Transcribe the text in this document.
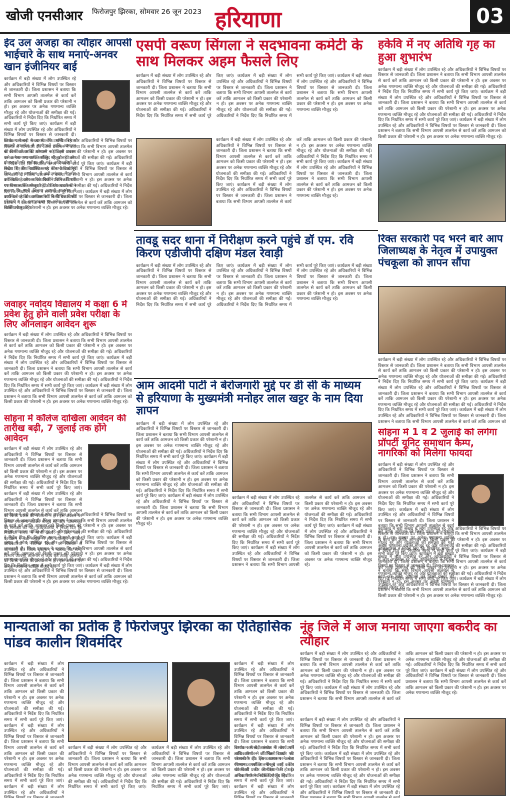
खोजी एनसीआर फिरोजपुर झिरका, सोमवार 26 जून 2023 हरियाणा	03
ईद उल अजहा का त्यौहार आपसी भाईचारे के साथ मनाएं-अनवर खान इंजीनियर बाई
कार्यक्रम में बड़ी संख्या में लोग उपस्थित रहे और अधिकारियों ने विभिन्न विषयों पर विस्तार से जानकारी दी। जिला प्रशासन ने बताया कि सभी विभाग आपसी तालमेल से कार्य करें ताकि आमजन को किसी प्रकार की परेशानी न हो। इस अवसर पर अनेक गणमान्य व्यक्ति मौजूद रहे और योजनाओं की समीक्षा की गई। अधिकारियों ने निर्देश दिए कि निर्धारित समय में सभी कार्य पूरे किए जाएं। कार्यक्रम में बड़ी संख्या में लोग उपस्थित रहे और अधिकारियों ने विभिन्न विषयों पर विस्तार से जानकारी दी। जिला प्रशासन ने बताया कि सभी विभाग आपसी तालमेल से कार्य करें ताकि आमजन को किसी प्रकार की परेशानी न हो। इस अवसर पर अनेक गणमान्य व्यक्ति मौजूद रहे और योजनाओं की समीक्षा की गई। अधिकारियों ने निर्देश दिए कि निर्धारित समय में सभी कार्य पूरे किए जाएं। कार्यक्रम में बड़ी संख्या में लोग उपस्थित रहे और अधिकारियों ने विभिन्न विषयों पर विस्तार से जानकारी दी। जिला प्रशासन ने बताया कि सभी विभाग आपसी तालमेल से कार्य करें ताकि आमजन को किसी प्रकार की परेशानी न हो। इस अवसर पर अनेक गणमान्य व्यक्ति मौजूद रहे।
कार्यक्रम में बड़ी संख्या में लोग उपस्थित रहे और अधिकारियों ने विभिन्न विषयों पर विस्तार से जानकारी दी। जिला प्रशासन ने बताया कि सभी विभाग आपसी तालमेल से कार्य करें ताकि आमजन को किसी प्रकार की परेशानी न हो। इस अवसर पर अनेक गणमान्य व्यक्ति मौजूद रहे और योजनाओं की समीक्षा की गई। अधिकारियों ने निर्देश दिए कि निर्धारित समय में सभी कार्य पूरे किए जाएं। कार्यक्रम में बड़ी संख्या में लोग उपस्थित रहे और अधिकारियों ने विभिन्न विषयों पर विस्तार से जानकारी दी। जिला प्रशासन ने बताया कि सभी विभाग आपसी तालमेल से कार्य करें ताकि आमजन को किसी प्रकार की परेशानी न हो। इस अवसर पर अनेक गणमान्य व्यक्ति मौजूद रहे और योजनाओं की समीक्षा की गई। अधिकारियों ने निर्देश दिए कि निर्धारित समय में सभी कार्य पूरे किए जाएं। कार्यक्रम में बड़ी संख्या में लोग उपस्थित रहे और अधिकारियों ने विभिन्न विषयों पर विस्तार से जानकारी दी। जिला प्रशासन ने बताया कि सभी विभाग आपसी तालमेल से कार्य करें ताकि आमजन को किसी प्रकार की परेशानी न हो। इस अवसर पर अनेक गणमान्य व्यक्ति मौजूद रहे।
एसपी वरूण सिंगला ने सदभावना कमेटी के साथ मिलकर अहम फैसले लिए
कार्यक्रम में बड़ी संख्या में लोग उपस्थित रहे और अधिकारियों ने विभिन्न विषयों पर विस्तार से जानकारी दी। जिला प्रशासन ने बताया कि सभी विभाग आपसी तालमेल से कार्य करें ताकि आमजन को किसी प्रकार की परेशानी न हो। इस अवसर पर अनेक गणमान्य व्यक्ति मौजूद रहे और योजनाओं की समीक्षा की गई। अधिकारियों ने निर्देश दिए कि निर्धारित समय में सभी कार्य पूरे किए जाएं। कार्यक्रम में बड़ी संख्या में लोग उपस्थित रहे और अधिकारियों ने विभिन्न विषयों पर विस्तार से जानकारी दी। जिला प्रशासन ने बताया कि सभी विभाग आपसी तालमेल से कार्य करें ताकि आमजन को किसी प्रकार की परेशानी न हो। इस अवसर पर अनेक गणमान्य व्यक्ति मौजूद रहे और योजनाओं की समीक्षा की गई। अधिकारियों ने निर्देश दिए कि निर्धारित समय में सभी कार्य पूरे किए जाएं। कार्यक्रम में बड़ी संख्या में लोग उपस्थित रहे और अधिकारियों ने विभिन्न विषयों पर विस्तार से जानकारी दी। जिला प्रशासन ने बताया कि सभी विभाग आपसी तालमेल से कार्य करें ताकि आमजन को किसी प्रकार की परेशानी न हो। इस अवसर पर अनेक गणमान्य व्यक्ति मौजूद रहे।
कार्यक्रम में बड़ी संख्या में लोग उपस्थित रहे और अधिकारियों ने विभिन्न विषयों पर विस्तार से जानकारी दी। जिला प्रशासन ने बताया कि सभी विभाग आपसी तालमेल से कार्य करें ताकि आमजन को किसी प्रकार की परेशानी न हो। इस अवसर पर अनेक गणमान्य व्यक्ति मौजूद रहे और योजनाओं की समीक्षा की गई। अधिकारियों ने निर्देश दिए कि निर्धारित समय में सभी कार्य पूरे किए जाएं। कार्यक्रम में बड़ी संख्या में लोग उपस्थित रहे और अधिकारियों ने विभिन्न विषयों पर विस्तार से जानकारी दी। जिला प्रशासन ने बताया कि सभी विभाग आपसी तालमेल से कार्य करें ताकि आमजन को किसी प्रकार की परेशानी न हो। इस अवसर पर अनेक गणमान्य व्यक्ति मौजूद रहे और योजनाओं की समीक्षा की गई। अधिकारियों ने निर्देश दिए कि निर्धारित समय में सभी कार्य पूरे किए जाएं। कार्यक्रम में बड़ी संख्या में लोग उपस्थित रहे और अधिकारियों ने विभिन्न विषयों पर विस्तार से जानकारी दी। जिला प्रशासन ने बताया कि सभी विभाग आपसी तालमेल से कार्य करें ताकि आमजन को किसी प्रकार की परेशानी न हो। इस अवसर पर अनेक गणमान्य व्यक्ति मौजूद रहे।
हकेवि में नए अतिथि गृह का हुआ शुभारंभ
कार्यक्रम में बड़ी संख्या में लोग उपस्थित रहे और अधिकारियों ने विभिन्न विषयों पर विस्तार से जानकारी दी। जिला प्रशासन ने बताया कि सभी विभाग आपसी तालमेल से कार्य करें ताकि आमजन को किसी प्रकार की परेशानी न हो। इस अवसर पर अनेक गणमान्य व्यक्ति मौजूद रहे और योजनाओं की समीक्षा की गई। अधिकारियों ने निर्देश दिए कि निर्धारित समय में सभी कार्य पूरे किए जाएं। कार्यक्रम में बड़ी संख्या में लोग उपस्थित रहे और अधिकारियों ने विभिन्न विषयों पर विस्तार से जानकारी दी। जिला प्रशासन ने बताया कि सभी विभाग आपसी तालमेल से कार्य करें ताकि आमजन को किसी प्रकार की परेशानी न हो। इस अवसर पर अनेक गणमान्य व्यक्ति मौजूद रहे और योजनाओं की समीक्षा की गई। अधिकारियों ने निर्देश दिए कि निर्धारित समय में सभी कार्य पूरे किए जाएं। कार्यक्रम में बड़ी संख्या में लोग उपस्थित रहे और अधिकारियों ने विभिन्न विषयों पर विस्तार से जानकारी दी। जिला प्रशासन ने बताया कि सभी विभाग आपसी तालमेल से कार्य करें ताकि आमजन को किसी प्रकार की परेशानी न हो। इस अवसर पर अनेक गणमान्य व्यक्ति मौजूद रहे।
तावडू सदर थाना में निरीक्षण करने पहुंचे डॉ एम. रवि किरण एडीजीपी दक्षिण मंडल रेवाड़ी
कार्यक्रम में बड़ी संख्या में लोग उपस्थित रहे और अधिकारियों ने विभिन्न विषयों पर विस्तार से जानकारी दी। जिला प्रशासन ने बताया कि सभी विभाग आपसी तालमेल से कार्य करें ताकि आमजन को किसी प्रकार की परेशानी न हो। इस अवसर पर अनेक गणमान्य व्यक्ति मौजूद रहे और योजनाओं की समीक्षा की गई। अधिकारियों ने निर्देश दिए कि निर्धारित समय में सभी कार्य पूरे किए जाएं। कार्यक्रम में बड़ी संख्या में लोग उपस्थित रहे और अधिकारियों ने विभिन्न विषयों पर विस्तार से जानकारी दी। जिला प्रशासन ने बताया कि सभी विभाग आपसी तालमेल से कार्य करें ताकि आमजन को किसी प्रकार की परेशानी न हो। इस अवसर पर अनेक गणमान्य व्यक्ति मौजूद रहे और योजनाओं की समीक्षा की गई। अधिकारियों ने निर्देश दिए कि निर्धारित समय में सभी कार्य पूरे किए जाएं। कार्यक्रम में बड़ी संख्या में लोग उपस्थित रहे और अधिकारियों ने विभिन्न विषयों पर विस्तार से जानकारी दी। जिला प्रशासन ने बताया कि सभी विभाग आपसी तालमेल से कार्य करें ताकि आमजन को किसी प्रकार की परेशानी न हो। इस अवसर पर अनेक गणमान्य व्यक्ति मौजूद रहे।
रिक्त सरकारी पद भरने बारे आप जिलाध्यक्ष के नेतृत्व में उपायुक्त पंचकूला को ज्ञापन सौंपा
कार्यक्रम में बड़ी संख्या में लोग उपस्थित रहे और अधिकारियों ने विभिन्न विषयों पर विस्तार से जानकारी दी। जिला प्रशासन ने बताया कि सभी विभाग आपसी तालमेल से कार्य करें ताकि आमजन को किसी प्रकार की परेशानी न हो। इस अवसर पर अनेक गणमान्य व्यक्ति मौजूद रहे और योजनाओं की समीक्षा की गई। अधिकारियों ने निर्देश दिए कि निर्धारित समय में सभी कार्य पूरे किए जाएं। कार्यक्रम में बड़ी संख्या में लोग उपस्थित रहे और अधिकारियों ने विभिन्न विषयों पर विस्तार से जानकारी दी। जिला प्रशासन ने बताया कि सभी विभाग आपसी तालमेल से कार्य करें ताकि आमजन को किसी प्रकार की परेशानी न हो। इस अवसर पर अनेक गणमान्य व्यक्ति मौजूद रहे और योजनाओं की समीक्षा की गई। अधिकारियों ने निर्देश दिए कि निर्धारित समय में सभी कार्य पूरे किए जाएं। कार्यक्रम में बड़ी संख्या में लोग उपस्थित रहे और अधिकारियों ने विभिन्न विषयों पर विस्तार से जानकारी दी। जिला प्रशासन ने बताया कि सभी विभाग आपसी तालमेल से कार्य करें ताकि आमजन को किसी प्रकार की परेशानी न हो। इस अवसर पर अनेक गणमान्य व्यक्ति मौजूद रहे।
जवाहर नवोदय विद्यालय में कक्षा 6 में प्रवेश हेतु होने वाली प्रवेश परीक्षा के लिए ऑनलाइन आवेदन शुरू
कार्यक्रम में बड़ी संख्या में लोग उपस्थित रहे और अधिकारियों ने विभिन्न विषयों पर विस्तार से जानकारी दी। जिला प्रशासन ने बताया कि सभी विभाग आपसी तालमेल से कार्य करें ताकि आमजन को किसी प्रकार की परेशानी न हो। इस अवसर पर अनेक गणमान्य व्यक्ति मौजूद रहे और योजनाओं की समीक्षा की गई। अधिकारियों ने निर्देश दिए कि निर्धारित समय में सभी कार्य पूरे किए जाएं। कार्यक्रम में बड़ी संख्या में लोग उपस्थित रहे और अधिकारियों ने विभिन्न विषयों पर विस्तार से जानकारी दी। जिला प्रशासन ने बताया कि सभी विभाग आपसी तालमेल से कार्य करें ताकि आमजन को किसी प्रकार की परेशानी न हो। इस अवसर पर अनेक गणमान्य व्यक्ति मौजूद रहे और योजनाओं की समीक्षा की गई। अधिकारियों ने निर्देश दिए कि निर्धारित समय में सभी कार्य पूरे किए जाएं। कार्यक्रम में बड़ी संख्या में लोग उपस्थित रहे और अधिकारियों ने विभिन्न विषयों पर विस्तार से जानकारी दी। जिला प्रशासन ने बताया कि सभी विभाग आपसी तालमेल से कार्य करें ताकि आमजन को किसी प्रकार की परेशानी न हो। इस अवसर पर अनेक गणमान्य व्यक्ति मौजूद रहे।
आम आदमी पार्टी ने बेरोजगारी मुद्दे पर डी सी के माध्यम से हरियाणा के मुख्यमंत्री मनोहर लाल खट्टर के नाम दिया ज्ञापन
कार्यक्रम में बड़ी संख्या में लोग उपस्थित रहे और अधिकारियों ने विभिन्न विषयों पर विस्तार से जानकारी दी। जिला प्रशासन ने बताया कि सभी विभाग आपसी तालमेल से कार्य करें ताकि आमजन को किसी प्रकार की परेशानी न हो। इस अवसर पर अनेक गणमान्य व्यक्ति मौजूद रहे और योजनाओं की समीक्षा की गई। अधिकारियों ने निर्देश दिए कि निर्धारित समय में सभी कार्य पूरे किए जाएं। कार्यक्रम में बड़ी संख्या में लोग उपस्थित रहे और अधिकारियों ने विभिन्न विषयों पर विस्तार से जानकारी दी। जिला प्रशासन ने बताया कि सभी विभाग आपसी तालमेल से कार्य करें ताकि आमजन को किसी प्रकार की परेशानी न हो। इस अवसर पर अनेक गणमान्य व्यक्ति मौजूद रहे और योजनाओं की समीक्षा की गई। अधिकारियों ने निर्देश दिए कि निर्धारित समय में सभी कार्य पूरे किए जाएं। कार्यक्रम में बड़ी संख्या में लोग उपस्थित रहे और अधिकारियों ने विभिन्न विषयों पर विस्तार से जानकारी दी। जिला प्रशासन ने बताया कि सभी विभाग आपसी तालमेल से कार्य करें ताकि आमजन को किसी प्रकार की परेशानी न हो। इस अवसर पर अनेक गणमान्य व्यक्ति मौजूद रहे।
कार्यक्रम में बड़ी संख्या में लोग उपस्थित रहे और अधिकारियों ने विभिन्न विषयों पर विस्तार से जानकारी दी। जिला प्रशासन ने बताया कि सभी विभाग आपसी तालमेल से कार्य करें ताकि आमजन को किसी प्रकार की परेशानी न हो। इस अवसर पर अनेक गणमान्य व्यक्ति मौजूद रहे और योजनाओं की समीक्षा की गई। अधिकारियों ने निर्देश दिए कि निर्धारित समय में सभी कार्य पूरे किए जाएं। कार्यक्रम में बड़ी संख्या में लोग उपस्थित रहे और अधिकारियों ने विभिन्न विषयों पर विस्तार से जानकारी दी। जिला प्रशासन ने बताया कि सभी विभाग आपसी तालमेल से कार्य करें ताकि आमजन को किसी प्रकार की परेशानी न हो। इस अवसर पर अनेक गणमान्य व्यक्ति मौजूद रहे और योजनाओं की समीक्षा की गई। अधिकारियों ने निर्देश दिए कि निर्धारित समय में सभी कार्य पूरे किए जाएं। कार्यक्रम में बड़ी संख्या में लोग उपस्थित रहे और अधिकारियों ने विभिन्न विषयों पर विस्तार से जानकारी दी। जिला प्रशासन ने बताया कि सभी विभाग आपसी तालमेल से कार्य करें ताकि आमजन को किसी प्रकार की परेशानी न हो। इस अवसर पर अनेक गणमान्य व्यक्ति मौजूद रहे।
सोहना में कॉलेज दाखिला आवेदन की तारीख बढ़ी, 7 जुलाई तक होंगे आवेदन
कार्यक्रम में बड़ी संख्या में लोग उपस्थित रहे और अधिकारियों ने विभिन्न विषयों पर विस्तार से जानकारी दी। जिला प्रशासन ने बताया कि सभी विभाग आपसी तालमेल से कार्य करें ताकि आमजन को किसी प्रकार की परेशानी न हो। इस अवसर पर अनेक गणमान्य व्यक्ति मौजूद रहे और योजनाओं की समीक्षा की गई। अधिकारियों ने निर्देश दिए कि निर्धारित समय में सभी कार्य पूरे किए जाएं। कार्यक्रम में बड़ी संख्या में लोग उपस्थित रहे और अधिकारियों ने विभिन्न विषयों पर विस्तार से जानकारी दी। जिला प्रशासन ने बताया कि सभी विभाग आपसी तालमेल से कार्य करें ताकि आमजन को किसी प्रकार की परेशानी न हो। इस अवसर पर अनेक गणमान्य व्यक्ति मौजूद रहे और योजनाओं की समीक्षा की गई। अधिकारियों ने निर्देश दिए कि निर्धारित समय में सभी कार्य पूरे किए जाएं। कार्यक्रम में बड़ी संख्या में लोग उपस्थित रहे और अधिकारियों ने विभिन्न विषयों पर विस्तार से जानकारी दी। जिला प्रशासन ने बताया कि सभी विभाग आपसी तालमेल से कार्य करें ताकि आमजन को किसी प्रकार की परेशानी न हो। इस अवसर पर अनेक गणमान्य व्यक्ति मौजूद रहे।
कार्यक्रम में बड़ी संख्या में लोग उपस्थित रहे और अधिकारियों ने विभिन्न विषयों पर विस्तार से जानकारी दी। जिला प्रशासन ने बताया कि सभी विभाग आपसी तालमेल से कार्य करें ताकि आमजन को किसी प्रकार की परेशानी न हो। इस अवसर पर अनेक गणमान्य व्यक्ति मौजूद रहे और योजनाओं की समीक्षा की गई। अधिकारियों ने निर्देश दिए कि निर्धारित समय में सभी कार्य पूरे किए जाएं। कार्यक्रम में बड़ी संख्या में लोग उपस्थित रहे और अधिकारियों ने विभिन्न विषयों पर विस्तार से जानकारी दी। जिला प्रशासन ने बताया कि सभी विभाग आपसी तालमेल से कार्य करें ताकि आमजन को किसी प्रकार की परेशानी न हो। इस अवसर पर अनेक गणमान्य व्यक्ति मौजूद रहे और योजनाओं की समीक्षा की गई। अधिकारियों ने निर्देश दिए कि निर्धारित समय में सभी कार्य पूरे किए जाएं। कार्यक्रम में बड़ी संख्या में लोग उपस्थित रहे और अधिकारियों ने विभिन्न विषयों पर विस्तार से जानकारी दी। जिला प्रशासन ने बताया कि सभी विभाग आपसी तालमेल से कार्य करें ताकि आमजन को किसी प्रकार की परेशानी न हो। इस अवसर पर अनेक गणमान्य व्यक्ति मौजूद रहे।
सोहना में 1 व 2 जुलाई को लगेगा प्रॉपर्टी यूनिट समाधान कैम्प, नागरिकों को मिलेगा फायदा
कार्यक्रम में बड़ी संख्या में लोग उपस्थित रहे और अधिकारियों ने विभिन्न विषयों पर विस्तार से जानकारी दी। जिला प्रशासन ने बताया कि सभी विभाग आपसी तालमेल से कार्य करें ताकि आमजन को किसी प्रकार की परेशानी न हो। इस अवसर पर अनेक गणमान्य व्यक्ति मौजूद रहे और योजनाओं की समीक्षा की गई। अधिकारियों ने निर्देश दिए कि निर्धारित समय में सभी कार्य पूरे किए जाएं। कार्यक्रम में बड़ी संख्या में लोग उपस्थित रहे और अधिकारियों ने विभिन्न विषयों पर विस्तार से जानकारी दी। जिला प्रशासन ने बताया कि सभी विभाग आपसी तालमेल से कार्य करें ताकि आमजन को किसी प्रकार की परेशानी न हो। इस अवसर पर अनेक गणमान्य व्यक्ति मौजूद रहे और योजनाओं की समीक्षा की गई। अधिकारियों ने निर्देश दिए कि निर्धारित समय में सभी कार्य पूरे किए जाएं। कार्यक्रम में बड़ी संख्या में लोग उपस्थित रहे और अधिकारियों ने विभिन्न विषयों पर विस्तार से जानकारी दी। जिला प्रशासन ने बताया कि सभी विभाग आपसी तालमेल से कार्य करें ताकि आमजन को किसी प्रकार की परेशानी न हो। इस अवसर पर अनेक गणमान्य व्यक्ति मौजूद रहे।
कार्यक्रम में बड़ी संख्या में लोग उपस्थित रहे और अधिकारियों ने विभिन्न विषयों पर विस्तार से जानकारी दी। जिला प्रशासन ने बताया कि सभी विभाग आपसी तालमेल से कार्य करें ताकि आमजन को किसी प्रकार की परेशानी न हो। इस अवसर पर अनेक गणमान्य व्यक्ति मौजूद रहे और योजनाओं की समीक्षा की गई। अधिकारियों ने निर्देश दिए कि निर्धारित समय में सभी कार्य पूरे किए जाएं। कार्यक्रम में बड़ी संख्या में लोग उपस्थित रहे और अधिकारियों ने विभिन्न विषयों पर विस्तार से जानकारी दी। जिला प्रशासन ने बताया कि सभी विभाग आपसी तालमेल से कार्य करें ताकि आमजन को किसी प्रकार की परेशानी न हो। इस अवसर पर अनेक गणमान्य व्यक्ति मौजूद रहे और योजनाओं की समीक्षा की गई। अधिकारियों ने निर्देश दिए कि निर्धारित समय में सभी कार्य पूरे किए जाएं। कार्यक्रम में बड़ी संख्या में लोग उपस्थित रहे और अधिकारियों ने विभिन्न विषयों पर विस्तार से जानकारी दी। जिला प्रशासन ने बताया कि सभी विभाग आपसी तालमेल से कार्य करें ताकि आमजन को किसी प्रकार की परेशानी न हो। इस अवसर पर अनेक गणमान्य व्यक्ति मौजूद रहे।
मान्यताओं का प्रतीक है फिरोजपुर झिरका का ऐतिहासिक पांडव कालीन शिवमंदिर
कार्यक्रम में बड़ी संख्या में लोग उपस्थित रहे और अधिकारियों ने विभिन्न विषयों पर विस्तार से जानकारी दी। जिला प्रशासन ने बताया कि सभी विभाग आपसी तालमेल से कार्य करें ताकि आमजन को किसी प्रकार की परेशानी न हो। इस अवसर पर अनेक गणमान्य व्यक्ति मौजूद रहे और योजनाओं की समीक्षा की गई। अधिकारियों ने निर्देश दिए कि निर्धारित समय में सभी कार्य पूरे किए जाएं। कार्यक्रम में बड़ी संख्या में लोग उपस्थित रहे और अधिकारियों ने विभिन्न विषयों पर विस्तार से जानकारी दी। जिला प्रशासन ने बताया कि सभी विभाग आपसी तालमेल से कार्य करें ताकि आमजन को किसी प्रकार की परेशानी न हो। इस अवसर पर अनेक गणमान्य व्यक्ति मौजूद रहे और योजनाओं की समीक्षा की गई। अधिकारियों ने निर्देश दिए कि निर्धारित समय में सभी कार्य पूरे किए जाएं। कार्यक्रम में बड़ी संख्या में लोग उपस्थित रहे और अधिकारियों ने विभिन्न विषयों पर विस्तार से जानकारी दी। जिला प्रशासन ने बताया कि सभी विभाग आपसी तालमेल से कार्य करें ताकि आमजन को किसी प्रकार की परेशानी न हो। इस अवसर पर अनेक गणमान्य व्यक्ति मौजूद रहे।
कार्यक्रम में बड़ी संख्या में लोग उपस्थित रहे और अधिकारियों ने विभिन्न विषयों पर विस्तार से जानकारी दी। जिला प्रशासन ने बताया कि सभी विभाग आपसी तालमेल से कार्य करें ताकि आमजन को किसी प्रकार की परेशानी न हो। इस अवसर पर अनेक गणमान्य व्यक्ति मौजूद रहे और योजनाओं की समीक्षा की गई। अधिकारियों ने निर्देश दिए कि निर्धारित समय में सभी कार्य पूरे किए जाएं। कार्यक्रम में बड़ी संख्या में लोग उपस्थित रहे और अधिकारियों ने विभिन्न विषयों पर विस्तार से जानकारी दी। जिला प्रशासन ने बताया कि सभी विभाग आपसी तालमेल से कार्य करें ताकि आमजन को किसी प्रकार की परेशानी न हो। इस अवसर पर अनेक गणमान्य व्यक्ति मौजूद रहे और योजनाओं की समीक्षा की गई। अधिकारियों ने निर्देश दिए कि निर्धारित समय में सभी कार्य पूरे किए जाएं। कार्यक्रम में बड़ी संख्या में लोग उपस्थित रहे और अधिकारियों ने विभिन्न विषयों पर विस्तार से जानकारी दी। जिला प्रशासन ने बताया कि सभी विभाग आपसी तालमेल से कार्य करें ताकि आमजन को किसी प्रकार की परेशानी न हो। इस अवसर पर अनेक गणमान्य व्यक्ति मौजूद रहे।
कार्यक्रम में बड़ी संख्या में लोग उपस्थित रहे और अधिकारियों ने विभिन्न विषयों पर विस्तार से जानकारी दी। जिला प्रशासन ने बताया कि सभी विभाग आपसी तालमेल से कार्य करें ताकि आमजन को किसी प्रकार की परेशानी न हो। इस अवसर पर अनेक गणमान्य व्यक्ति मौजूद रहे और योजनाओं की समीक्षा की गई। अधिकारियों ने निर्देश दिए कि निर्धारित समय में सभी कार्य पूरे किए जाएं। कार्यक्रम में बड़ी संख्या में लोग उपस्थित रहे और अधिकारियों ने विभिन्न विषयों पर विस्तार से जानकारी दी। जिला प्रशासन ने बताया कि सभी विभाग आपसी तालमेल से कार्य करें ताकि आमजन को किसी प्रकार की परेशानी न हो। इस अवसर पर अनेक गणमान्य व्यक्ति मौजूद रहे और योजनाओं की समीक्षा की गई। अधिकारियों ने निर्देश दिए कि निर्धारित समय में सभी कार्य पूरे किए जाएं। कार्यक्रम में बड़ी संख्या में लोग उपस्थित रहे और अधिकारियों ने विभिन्न विषयों पर विस्तार से जानकारी दी। जिला प्रशासन ने बताया कि सभी विभाग आपसी तालमेल से कार्य करें ताकि आमजन को किसी प्रकार की परेशानी न हो। इस अवसर पर अनेक गणमान्य व्यक्ति मौजूद रहे।
नूंह जिले में आज मनाया जाएगा बकरीद का त्यौहार
कार्यक्रम में बड़ी संख्या में लोग उपस्थित रहे और अधिकारियों ने विभिन्न विषयों पर विस्तार से जानकारी दी। जिला प्रशासन ने बताया कि सभी विभाग आपसी तालमेल से कार्य करें ताकि आमजन को किसी प्रकार की परेशानी न हो। इस अवसर पर अनेक गणमान्य व्यक्ति मौजूद रहे और योजनाओं की समीक्षा की गई। अधिकारियों ने निर्देश दिए कि निर्धारित समय में सभी कार्य पूरे किए जाएं। कार्यक्रम में बड़ी संख्या में लोग उपस्थित रहे और अधिकारियों ने विभिन्न विषयों पर विस्तार से जानकारी दी। जिला प्रशासन ने बताया कि सभी विभाग आपसी तालमेल से कार्य करें ताकि आमजन को किसी प्रकार की परेशानी न हो। इस अवसर पर अनेक गणमान्य व्यक्ति मौजूद रहे और योजनाओं की समीक्षा की गई। अधिकारियों ने निर्देश दिए कि निर्धारित समय में सभी कार्य पूरे किए जाएं। कार्यक्रम में बड़ी संख्या में लोग उपस्थित रहे और अधिकारियों ने विभिन्न विषयों पर विस्तार से जानकारी दी। जिला प्रशासन ने बताया कि सभी विभाग आपसी तालमेल से कार्य करें ताकि आमजन को किसी प्रकार की परेशानी न हो। इस अवसर पर अनेक गणमान्य व्यक्ति मौजूद रहे।
कार्यक्रम में बड़ी संख्या में लोग उपस्थित रहे और अधिकारियों ने विभिन्न विषयों पर विस्तार से जानकारी दी। जिला प्रशासन ने बताया कि सभी विभाग आपसी तालमेल से कार्य करें ताकि आमजन को किसी प्रकार की परेशानी न हो। इस अवसर पर अनेक गणमान्य व्यक्ति मौजूद रहे और योजनाओं की समीक्षा की गई। अधिकारियों ने निर्देश दिए कि निर्धारित समय में सभी कार्य पूरे किए जाएं। कार्यक्रम में बड़ी संख्या में लोग उपस्थित रहे और अधिकारियों ने विभिन्न विषयों पर विस्तार से जानकारी दी। जिला प्रशासन ने बताया कि सभी विभाग आपसी तालमेल से कार्य करें ताकि आमजन को किसी प्रकार की परेशानी न हो। इस अवसर पर अनेक गणमान्य व्यक्ति मौजूद रहे और योजनाओं की समीक्षा की गई। अधिकारियों ने निर्देश दिए कि निर्धारित समय में सभी कार्य पूरे किए जाएं। कार्यक्रम में बड़ी संख्या में लोग उपस्थित रहे और अधिकारियों ने विभिन्न विषयों पर विस्तार से जानकारी दी। जिला प्रशासन ने बताया कि सभी विभाग आपसी तालमेल से कार्य करें ताकि आमजन को किसी प्रकार की परेशानी न हो। इस अवसर पर अनेक गणमान्य व्यक्ति मौजूद रहे।
